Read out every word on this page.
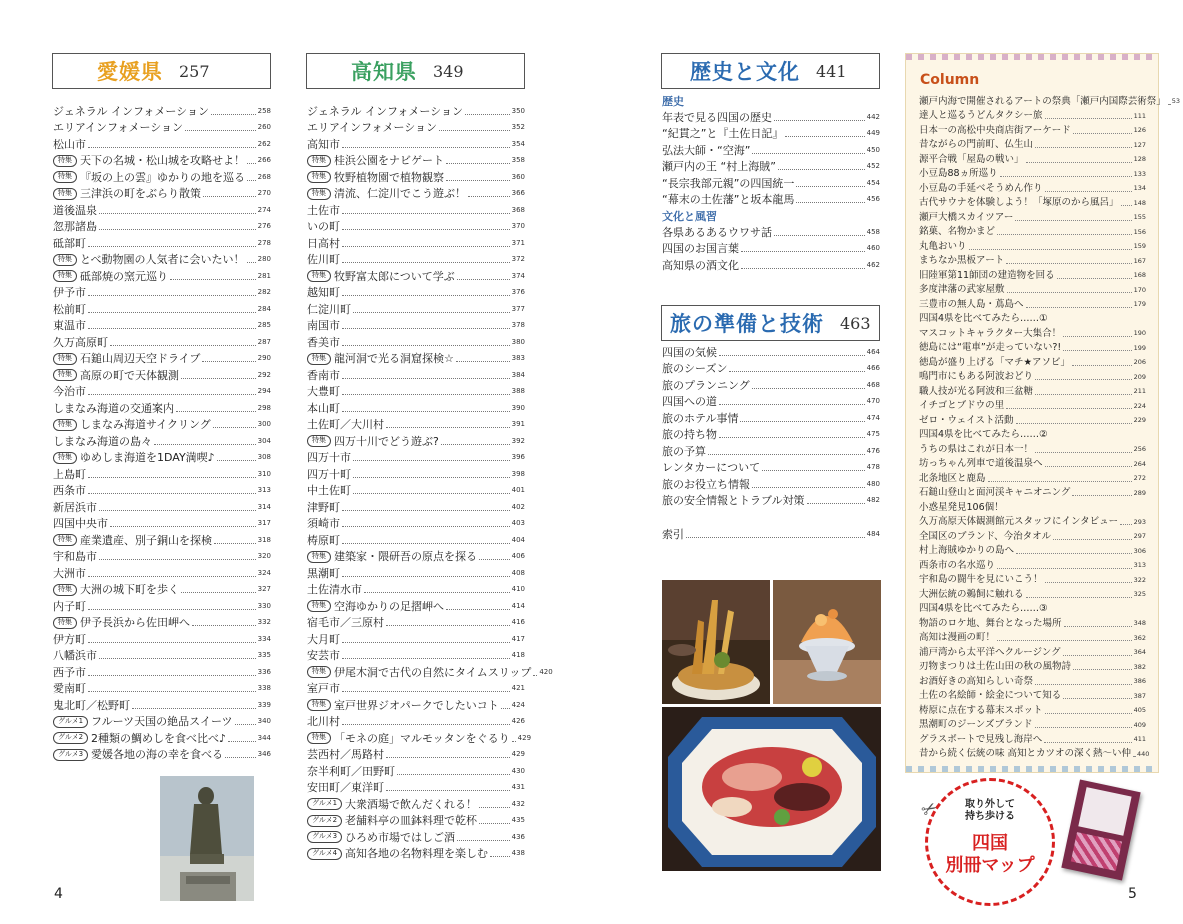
愛媛県 257
ジェネラル インフォメーション	258
エリアインフォメーション	260
松山市	262
特集 天下の名城・松山城を攻略せよ！ 266
特集 『坂の上の雲』ゆかりの地を巡る 268
特集 三津浜の町をぶらり散策	270
道後温泉	274
忽那諸島	276
砥部町	278
特集 とべ動物園の人気者に会いたい！ 280
特集 砥部焼の窯元巡り	281
伊予市	282
松前町	284
東温市	285
久万高原町	287
特集 石鎚山周辺天空ドライブ	290
特集 高原の町で天体観測	292
今治市	294
しまなみ海道の交通案内	298
特集 しまなみ海道サイクリング	300
しまなみ海道の島々	304
特集 ゆめしま海道を1DAY満喫♪	308
上島町	310
西条市	313
新居浜市	314
四国中央市	317
特集 産業遺産、別子銅山を探検	318
宇和島市	320
大洲市	324
特集 大洲の城下町を歩く	327
内子町	330
特集 伊予長浜から佐田岬へ	332
伊方町	334
八幡浜市	335
西予市	336
愛南町	338
鬼北町／松野町	339
グルメ1 フルーツ天国の絶品スイーツ	340
グルメ2 2種類の鯛めしを食べ比べ♪	344
グルメ3 愛媛各地の海の幸を食べる	346
高知県 349
ジェネラル インフォメーション	350
エリアインフォメーション	352
高知市	354
特集 桂浜公園をナビゲート	358
特集 牧野植物園で植物観察	360
特集 清流、仁淀川でこう遊ぶ！	366
土佐市	368
いの町	370
日高村	371
佐川町	372
特集 牧野富太郎について学ぶ	374
越知町	376
仁淀川町	377
南国市	378
香美市	380
特集 龍河洞で光る洞窟探検☆	383
香南市	384
大豊町	388
本山町	390
土佐町／大川村	391
特集 四万十川でどう遊ぶ?	392
四万十市	396
四万十町	398
中土佐町	401
津野町	402
須崎市	403
梼原町	404
特集 建築家・隈研吾の原点を探る	406
黒潮町	408
土佐清水市	410
特集 空海ゆかりの足摺岬へ	414
宿毛市／三原村	416
大月町	417
安芸市	418
特集 伊尾木洞で古代の自然にタイムスリップ 420
室戸市	421
特集 室戸世界ジオパークでしたいコト 424
北川村	426
特集 「モネの庭」マルモッタンをぐるり 429
芸西村／馬路村	429
奈半利町／田野町	430
安田町／東洋町	431
グルメ1 大衆酒場で飲んだくれる！	432
グルメ2 老舗料亭の皿鉢料理で乾杯	435
グルメ3 ひろめ市場ではしご酒	436
グルメ4 高知各地の名物料理を楽しむ	438
歴史と文化 441
歴史
年表で見る四国の歴史	442
“紀貫之”と『土佐日記』	449
弘法大師・“空海”	450
瀬戸内の王 “村上海賊”	452
“長宗我部元親”の四国統一	454
“幕末の土佐藩”と坂本龍馬	456
文化と風習
各県あるあるウワサ話	458
四国のお国言葉	460
高知県の酒文化	462
旅の準備と技術 463
四国の気候	464
旅のシーズン	466
旅のプランニング	468
四国への道	470
旅のホテル事情	474
旅の持ち物	475
旅の予算	476
レンタカーについて	478
旅のお役立ち情報	480
旅の安全情報とトラブル対策	482
索引	484
Column
瀬戸内海で開催されるアートの祭典「瀬戸内国際芸術祭」 53
達人と巡るうどんタクシー旅	111
日本一の高松中央商店街アーケード	126
昔ながらの門前町、仏生山	127
源平合戦「屋島の戦い」	128
小豆島88ヵ所巡り	133
小豆島の手延べそうめん作り	134
古代サウナを体験しよう！「塚原のから風呂」 148
瀬戸大橋スカイツアー	155
銘菓、名物かまど	156
丸亀おいり	159
まちなか黒板アート	167
旧陸軍第11師団の建造物を回る	168
多度津藩の武家屋敷	170
三豊市の無人島・蔦島へ	179
四国4県を比べてみたら……①
マスコットキャラクター大集合！	190
徳島には“電車”が走っていない?!	199
徳島が盛り上げる「マチ★アソビ」	206
鳴門市にもある阿波おどり	209
職人技が光る阿波和三盆糖	211
イチゴとブドウの里	224
ゼロ・ウェイスト活動	229
四国4県を比べてみたら……②
うちの県はこれが日本一！	256
坊っちゃん列車で道後温泉へ	264
北条地区と鹿島	272
石鎚山登山と面河渓キャニオニング	289
小惑星発見106個！
久万高原天体観測館元スタッフにインタビュー 293
全国区のブランド、今治タオル	297
村上海賊ゆかりの島へ	306
西条市の名水巡り	313
宇和島の闘牛を見にいこう！	322
大洲伝統の鵜飼に触れる	325
四国4県を比べてみたら……③
物語のロケ地、舞台となった場所	348
高知は漫画の町！	362
浦戸湾から太平洋へクルージング	364
刃物まつりは土佐山田の秋の風物詩	382
お酒好きの高知らしい奇祭	386
土佐の名絵師・絵金について知る	387
梼原に点在する幕末スポット	405
黒潮町のジーンズブランド	409
グラスボートで見残し海岸へ	411
昔から続く伝統の味 高知とカツオの深く熱～い仲 440
✂	取り外して
持ち歩ける
四国
別冊マップ
4	5
